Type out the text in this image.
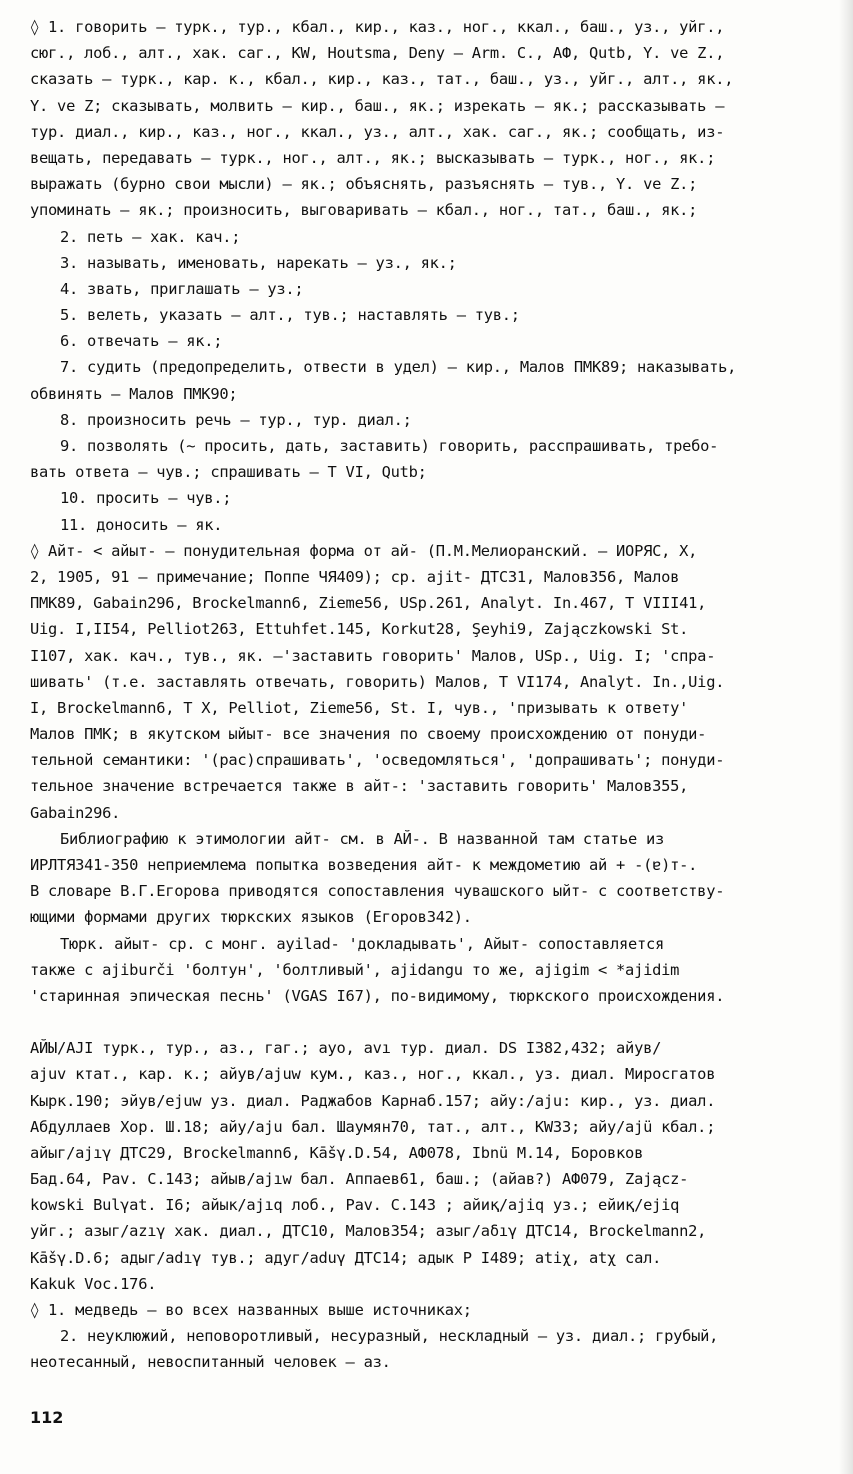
◊ 1. говорить – турк., тур., кбал., кир., каз., ног., ккал., баш., уз., уйг.,
сюг., лоб., алт., хак. саг., KW, Houtsma, Deny – Arm. C., АФ, Qutb, Y. ve Z.,
сказать – турк., кар. к., кбал., кир., каз., тат., баш., уз., уйг., алт., як.,
Y. ve Z; сказывать, молвить – кир., баш., як.; изрекать – як.; рассказывать –
тур. диал., кир., каз., ног., ккал., уз., алт., хак. саг., як.; сообщать, из-
вещать, передавать – турк., ног., алт., як.; высказывать – турк., ног., як.;
выражать (бурно свои мысли) – як.; объяснять, разъяснять – тув., Y. ve Z.;
упоминать – як.; произносить, выговаривать – кбал., ног., тат., баш., як.;
2. петь – хак. кач.;
3. называть, именовать, нарекать – уз., як.;
4. звать, приглашать – уз.;
5. велеть, указать – алт., тув.; наставлять – тув.;
6. отвечать – як.;
7. судить (предопределить, отвести в удел) – кир., Малов ПМК89; наказывать,
обвинять – Малов ПМК90;
8. произносить речь – тур., тур. диал.;
9. позволять (~ просить, дать, заставить) говорить, расспрашивать, требо-
вать ответа – чув.; спрашивать – Т VI, Qutb;
10. просить – чув.;
11. доносить – як.
◊ Айт- < айыт- – понудительная форма от ай- (П.М.Мелиоранский. – ИОРЯС, X,
2, 1905, 91 – примечание; Поппе ЧЯ409); ср. ajit- ДТС31, Малов356, Малов
ПМК89, Gabain296, Brockelmann6, Zieme56, USp.261, Analyt. In.467, T VIII41,
Uig. I,II54, Pelliot263, Ettuhfet.145, Korkut28, Şeyhi9, Zajączkowski St.
I107, хак. кач., тув., як. –'заставить говорить' Малов, USp., Uig. I; 'спра-
шивать' (т.е. заставлять отвечать, говорить) Малов, T VI174, Analyt. In.,Uig.
I, Brockelmann6, T X, Pelliot, Zieme56, St. I, чув., 'призывать к ответу'
Малов ПМК; в якутском ыйыт- все значения по своему происхождению от понуди-
тельной семантики: '(рас)спрашивать', 'осведомляться', 'допрашивать'; понуди-
тельное значение встречается также в айт-: 'заставить говорить' Малов355,
Gabain296.
Библиографию к этимологии айт- см. в АЙ-. В названной там статье из
ИРЛТЯ341-350 неприемлема попытка возведения айт- к междометию ай + -(ɐ)т-.
В словаре В.Г.Егорова приводятся сопоставления чувашского ыйт- с соответству-
ющими формами других тюркских языков (Егоров342).
Тюрк. айыт- ср. с монг. ayilad- 'докладывать', Айыт- сопоставляется
также с ajiburči 'болтун', 'болтливый', ajidangu то же, ajigim < *ajidim
'старинная эпическая песнь' (VGAS I67), по-видимому, тюркского происхождения.
АЙЫ/AJI турк., тур., аз., гаг.; ayo, avı тур. диал. DS I382,432; айув/
ajuv ктат., кар. к.; айув/ajuw кум., каз., ног., ккал., уз. диал. Миросгатов
Кырк.190; эйув/ejuw уз. диал. Раджабов Карнаб.157; айу:/aju: кир., уз. диал.
Абдуллаев Хор. Ш.18; айу/aju бал. Шаумян70, тат., алт., KW33; айу/ajü кбал.;
айыг/ajıγ ДТС29, Brockelmann6, Kāšγ.D.54, АФ078, Ibnü M.14, Боровков
Бад.64, Pav. C.143; айыв/ajıw бал. Аппаев61, баш.; (айав?) АФ079, Zającz-
kowski Bulγat. I6; айык/ajıq лоб., Pav. C.143 ; айиқ/ajiq уз.; ейиқ/ejiq
уйг.; азыг/azıγ хак. диал., ДТС10, Малов354; азыг/aδıγ ДТС14, Brockelmann2,
Kāšγ.D.6; адыг/adıγ тув.; адуг/aduγ ДТС14; адык P I489; atiχ, atχ сал.
Kakuk Voc.176.
◊ 1. медведь – во всех названных выше источниках;
2. неуклюжий, неповоротливый, несуразный, нескладный – уз. диал.; грубый,
неотесанный, невоспитанный человек – аз.
112
